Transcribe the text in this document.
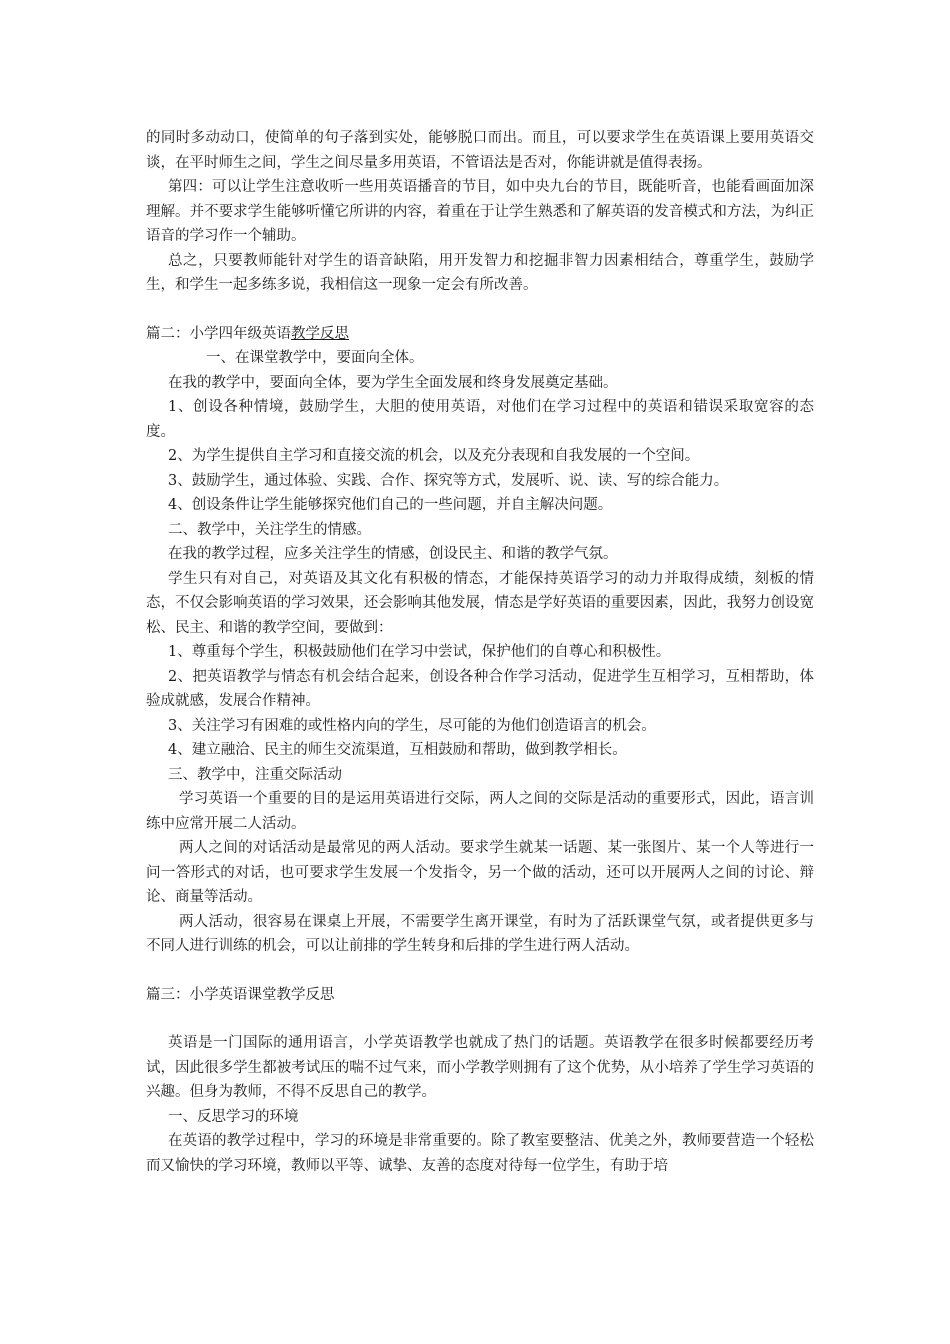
的同时多动动口，使简单的句子落到实处，能够脱口而出。而且，可以要求学生在英语课上要用英语交谈，在平时师生之间，学生之间尽量多用英语，不管语法是否对，你能讲就是值得表扬。

第四：可以让学生注意收听一些用英语播音的节目，如中央九台的节目，既能听音，也能看画面加深理解。并不要求学生能够听懂它所讲的内容，着重在于让学生熟悉和了解英语的发音模式和方法，为纠正语音的学习作一个辅助。

总之，只要教师能针对学生的语音缺陷，用开发智力和挖掘非智力因素相结合，尊重学生，鼓励学生，和学生一起多练多说，我相信这一现象一定会有所改善。

篇二：小学四年级英语教学反思

一、在课堂教学中，要面向全体。

在我的教学中，要面向全体，要为学生全面发展和终身发展奠定基础。

1、创设各种情境，鼓励学生，大胆的使用英语，对他们在学习过程中的英语和错误采取宽容的态度。

2、为学生提供自主学习和直接交流的机会，以及充分表现和自我发展的一个空间。

3、鼓励学生，通过体验、实践、合作、探究等方式，发展听、说、读、写的综合能力。

4、创设条件让学生能够探究他们自己的一些问题，并自主解决问题。

二、教学中，关注学生的情感。

在我的教学过程，应多关注学生的情感，创设民主、和谐的教学气氛。

学生只有对自己，对英语及其文化有积极的情态，才能保持英语学习的动力并取得成绩，刻板的情态，不仅会影响英语的学习效果，还会影响其他发展，情态是学好英语的重要因素，因此，我努力创设宽松、民主、和谐的教学空间，要做到：

1、尊重每个学生，积极鼓励他们在学习中尝试，保护他们的自尊心和积极性。

2、把英语教学与情态有机会结合起来，创设各种合作学习活动，促进学生互相学习，互相帮助，体验成就感，发展合作精神。

3、关注学习有困难的或性格内向的学生，尽可能的为他们创造语言的机会。

4、建立融洽、民主的师生交流渠道，互相鼓励和帮助，做到教学相长。

三、教学中，注重交际活动

学习英语一个重要的目的是运用英语进行交际，两人之间的交际是活动的重要形式，因此，语言训练中应常开展二人活动。

两人之间的对话活动是最常见的两人活动。要求学生就某一话题、某一张图片、某一个人等进行一问一答形式的对话，也可要求学生发展一个发指令，另一个做的活动，还可以开展两人之间的讨论、辩论、商量等活动。

两人活动，很容易在课桌上开展，不需要学生离开课堂，有时为了活跃课堂气氛，或者提供更多与不同人进行训练的机会，可以让前排的学生转身和后排的学生进行两人活动。

篇三：小学英语课堂教学反思

英语是一门国际的通用语言，小学英语教学也就成了热门的话题。英语教学在很多时候都要经历考试，因此很多学生都被考试压的喘不过气来，而小学教学则拥有了这个优势，从小培养了学生学习英语的兴趣。但身为教师，不得不反思自己的教学。

一、反思学习的环境

在英语的教学过程中，学习的环境是非常重要的。除了教室要整洁、优美之外，教师要营造一个轻松而又愉快的学习环境，教师以平等、诚挚、友善的态度对待每一位学生，有助于培
